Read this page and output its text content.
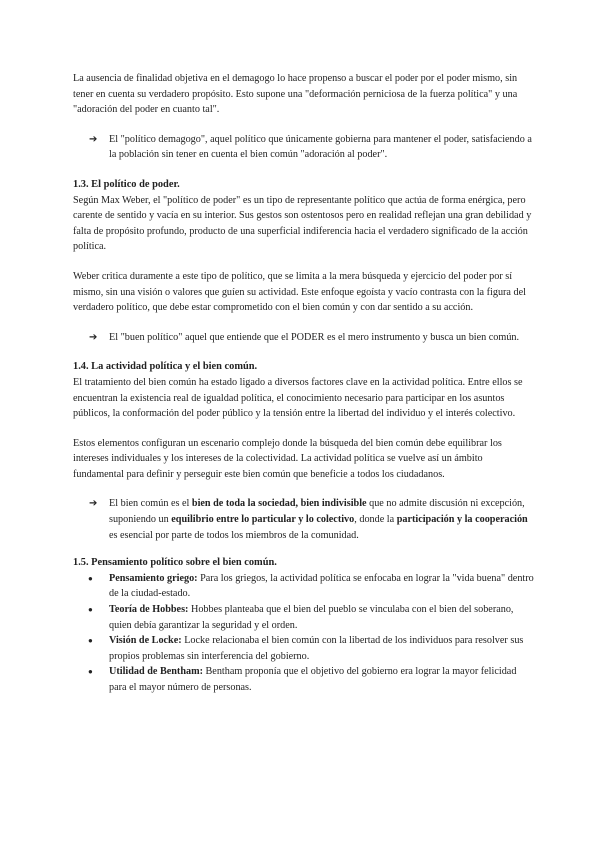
La ausencia de finalidad objetiva en el demagogo lo hace propenso a buscar el poder por el poder mismo, sin tener en cuenta su verdadero propósito. Esto supone una "deformación perniciosa de la fuerza política" y una "adoración del poder en cuanto tal".

➔	El "político demagogo", aquel político que únicamente gobierna para mantener el poder, satisfaciendo a la población sin tener en cuenta el bien común "adoración al poder".
1.3. El político de poder.

Según Max Weber, el "político de poder" es un tipo de representante político que actúa de forma enérgica, pero carente de sentido y vacía en su interior. Sus gestos son ostentosos pero en realidad reflejan una gran debilidad y falta de propósito profundo, producto de una superficial indiferencia hacia el verdadero significado de la acción política.

Weber critica duramente a este tipo de político, que se limita a la mera búsqueda y ejercicio del poder por sí mismo, sin una visión o valores que guíen su actividad. Este enfoque egoísta y vacío contrasta con la figura del verdadero político, que debe estar comprometido con el bien común y con dar sentido a su acción.

➔	El "buen político" aquel que entiende que el PODER es el mero instrumento y busca un bien común.
1.4. La actividad política y el bien común.

El tratamiento del bien común ha estado ligado a diversos factores clave en la actividad política. Entre ellos se encuentran la existencia real de igualdad política, el conocimiento necesario para participar en los asuntos públicos, la conformación del poder público y la tensión entre la libertad del individuo y el interés colectivo.

Estos elementos configuran un escenario complejo donde la búsqueda del bien común debe equilibrar los intereses individuales y los intereses de la colectividad. La actividad política se vuelve así un ámbito fundamental para definir y perseguir este bien común que beneficie a todos los ciudadanos.

➔	El bien común es el bien de toda la sociedad, bien indivisible que no admite discusión ni excepción, suponiendo un equilibrio entre lo particular y lo colectivo, donde la participación y la cooperación es esencial por parte de todos los miembros de la comunidad.
1.5. Pensamiento político sobre el bien común.
●	Pensamiento griego: Para los griegos, la actividad política se enfocaba en lograr la "vida buena" dentro de la ciudad-estado.
●	Teoría de Hobbes: Hobbes planteaba que el bien del pueblo se vinculaba con el bien del soberano, quien debía garantizar la seguridad y el orden.
●	Visión de Locke: Locke relacionaba el bien común con la libertad de los individuos para resolver sus propios problemas sin interferencia del gobierno.
●	Utilidad de Bentham: Bentham proponía que el objetivo del gobierno era lograr la mayor felicidad para el mayor número de personas.
